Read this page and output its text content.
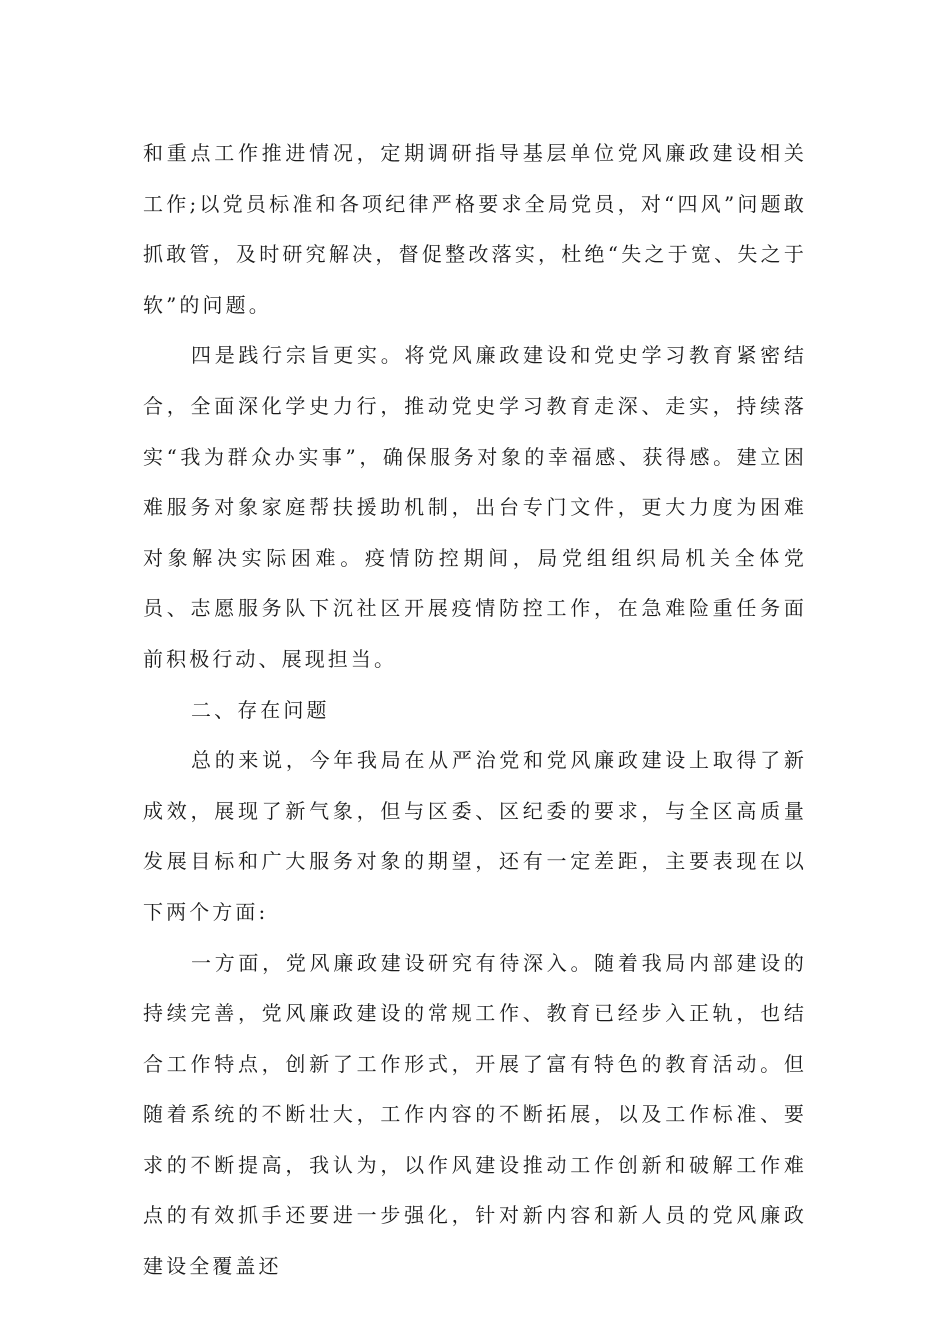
和重点工作推进情况，定期调研指导基层单位党风廉政建设相关工作;以党员标准和各项纪律严格要求全局党员，对“四风”问题敢抓敢管，及时研究解决，督促整改落实，杜绝“失之于宽、失之于软”的问题。

四是践行宗旨更实。将党风廉政建设和党史学习教育紧密结合，全面深化学史力行，推动党史学习教育走深、走实，持续落实“我为群众办实事”，确保服务对象的幸福感、获得感。建立困难服务对象家庭帮扶援助机制，出台专门文件，更大力度为困难对象解决实际困难。疫情防控期间，局党组组织局机关全体党员、志愿服务队下沉社区开展疫情防控工作，在急难险重任务面前积极行动、展现担当。

二、存在问题

总的来说，今年我局在从严治党和党风廉政建设上取得了新成效，展现了新气象，但与区委、区纪委的要求，与全区高质量发展目标和广大服务对象的期望，还有一定差距，主要表现在以下两个方面:

一方面，党风廉政建设研究有待深入。随着我局内部建设的持续完善，党风廉政建设的常规工作、教育已经步入正轨，也结合工作特点，创新了工作形式，开展了富有特色的教育活动。但随着系统的不断壮大，工作内容的不断拓展，以及工作标准、要求的不断提高，我认为，以作风建设推动工作创新和破解工作难点的有效抓手还要进一步强化，针对新内容和新人员的党风廉政建设全覆盖还
